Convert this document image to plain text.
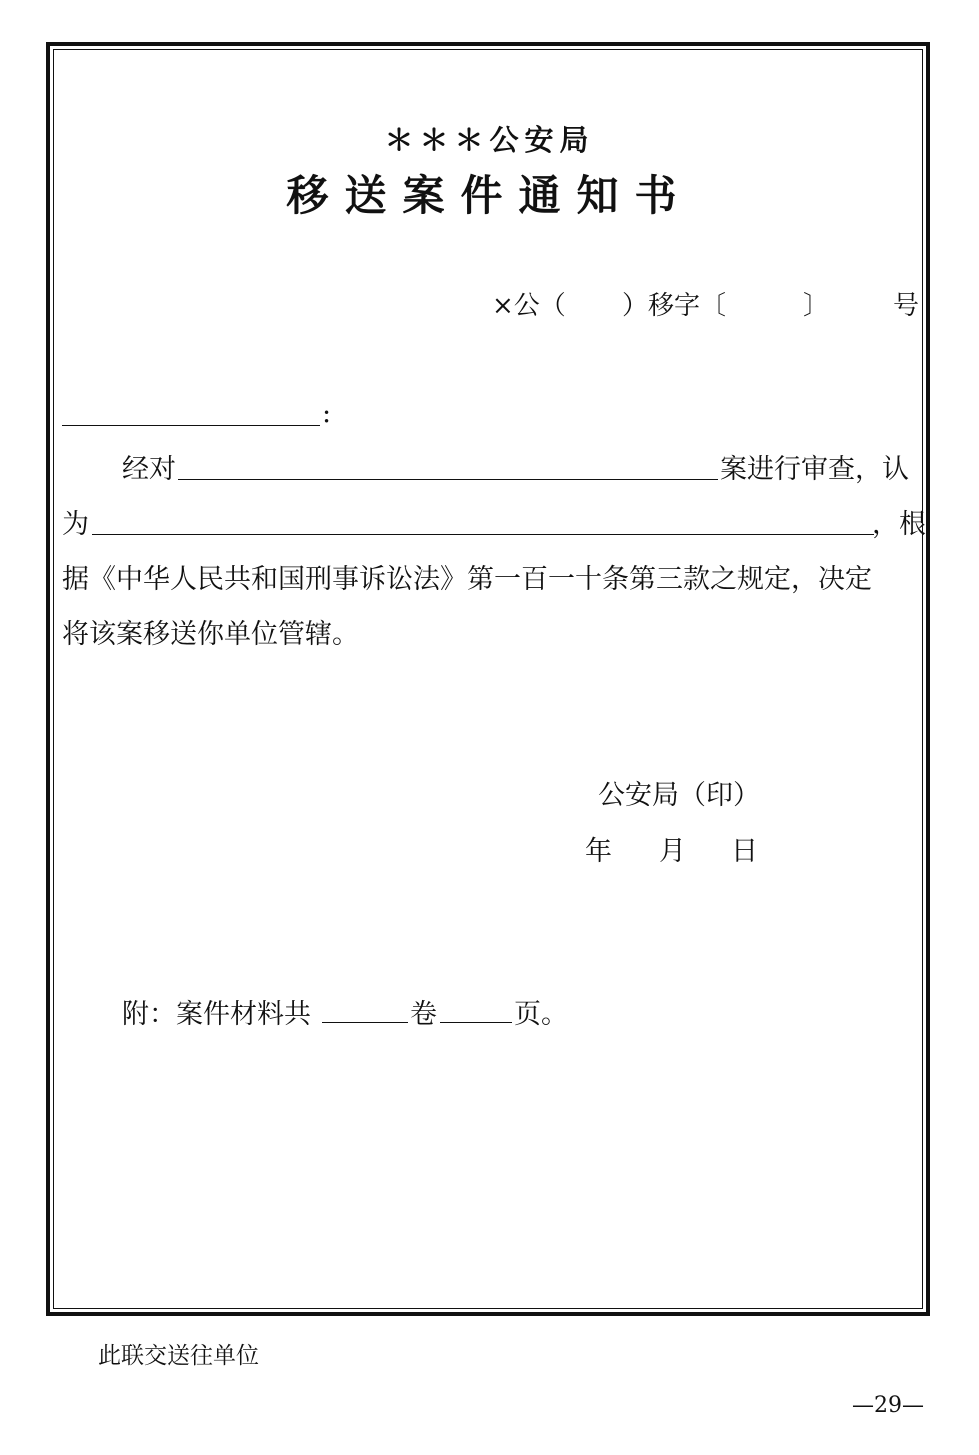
＊＊＊公安局
移送案件通知书
×公（ ）移字〔	〕 号
:
经对	案进行审查，认
为	，根
据《中华人民共和国刑事诉讼法》第一百一十条第三款之规定，决定
将该案移送你单位管辖。
公安局（印）
年 月 日
附：案件材料共	卷	页。
此联交送往单位
—29—
